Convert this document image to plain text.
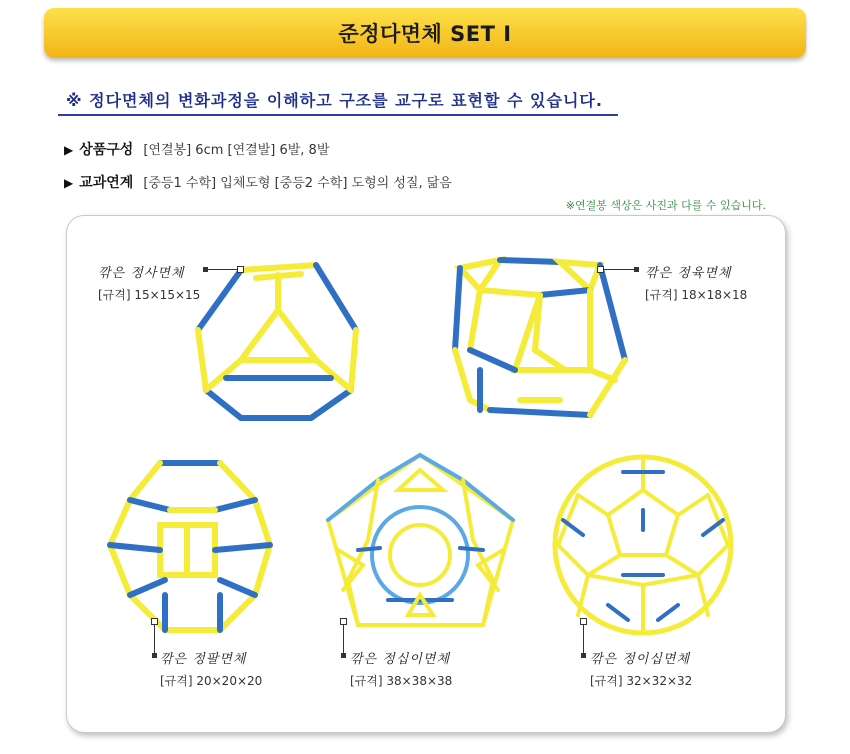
준정다면체 SET Ⅰ
※ 정다면체의 변화과정을 이해하고 구조를 교구로 표현할 수 있습니다.
▶ 상품구성 [연결봉] 6cm [연결발] 6발, 8발
▶ 교과연계 [중등1 수학] 입체도형 [중등2 수학] 도형의 성질, 닮음
※연결봉 색상은 사진과 다를 수 있습니다.
깎은 정사면체
[규격] 15×15×15
깎은 정육면체
[규격] 18×18×18
깎은 정팔면체
[규격] 20×20×20
깎은 정십이면체
[규격] 38×38×38
깎은 정이십면체
[규격] 32×32×32
